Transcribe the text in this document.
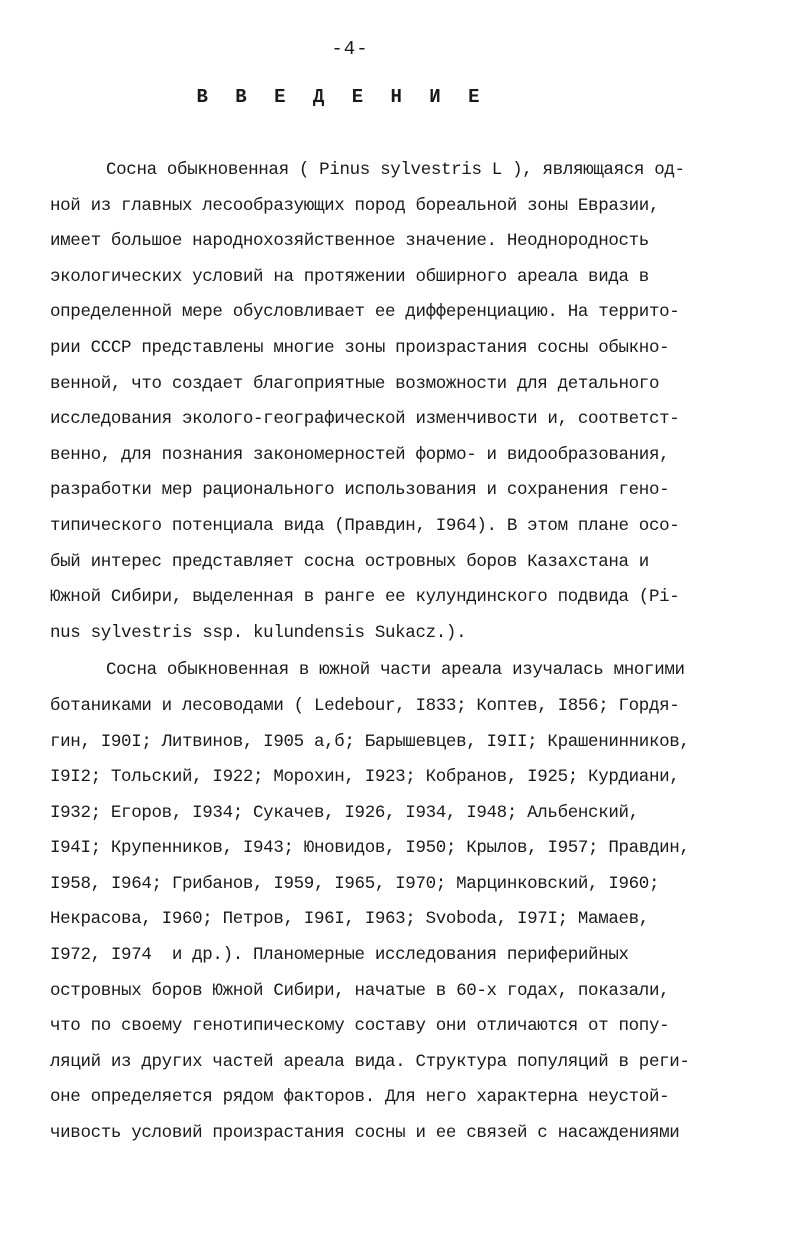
-4-
В В Е Д Е Н И Е
Сосна обыкновенная ( Pinus sylvestris L ), являющаяся од-
ной из главных лесообразующих пород бореальной зоны Евразии,
имеет большое народнохозяйственное значение. Неоднородность
экологических условий на протяжении обширного ареала вида в
определенной мере обусловливает ее дифференциацию. На террито-
рии СССР представлены многие зоны произрастания сосны обыкно-
венной, что создает благоприятные возможности для детального
исследования эколого-географической изменчивости и, соответст-
венно, для познания закономерностей формо- и видообразования,
разработки мер рационального использования и сохранения гено-
типического потенциала вида (Правдин, I964). В этом плане осо-
бый интерес представляет сосна островных боров Казахстана и
Южной Сибири, выделенная в ранге ее кулундинского подвида (Pi-
nus sylvestris ssp. kulundensis Sukacz.).
Сосна обыкновенная в южной части ареала изучалась многими
ботаниками и лесоводами ( Ledebour, I833; Коптев, I856; Гордя-
гин, I90I; Литвинов, I905 а,б; Барышевцев, I9II; Крашенинников,
I9I2; Тольский, I922; Морохин, I923; Кобранов, I925; Курдиани,
I932; Егоров, I934; Сукачев, I926, I934, I948; Альбенский,
I94I; Крупенников, I943; Юновидов, I950; Крылов, I957; Правдин,
I958, I964; Грибанов, I959, I965, I970; Марцинковский, I960;
Некрасова, I960; Петров, I96I, I963; Svoboda, I97I; Мамаев,
I972, I974  и др.). Планомерные исследования периферийных
островных боров Южной Сибири, начатые в 60-х годах, показали,
что по своему генотипическому составу они отличаются от попу-
ляций из других частей ареала вида. Структура популяций в реги-
оне определяется рядом факторов. Для него характерна неустой-
чивость условий произрастания сосны и ее связей с насаждениями
